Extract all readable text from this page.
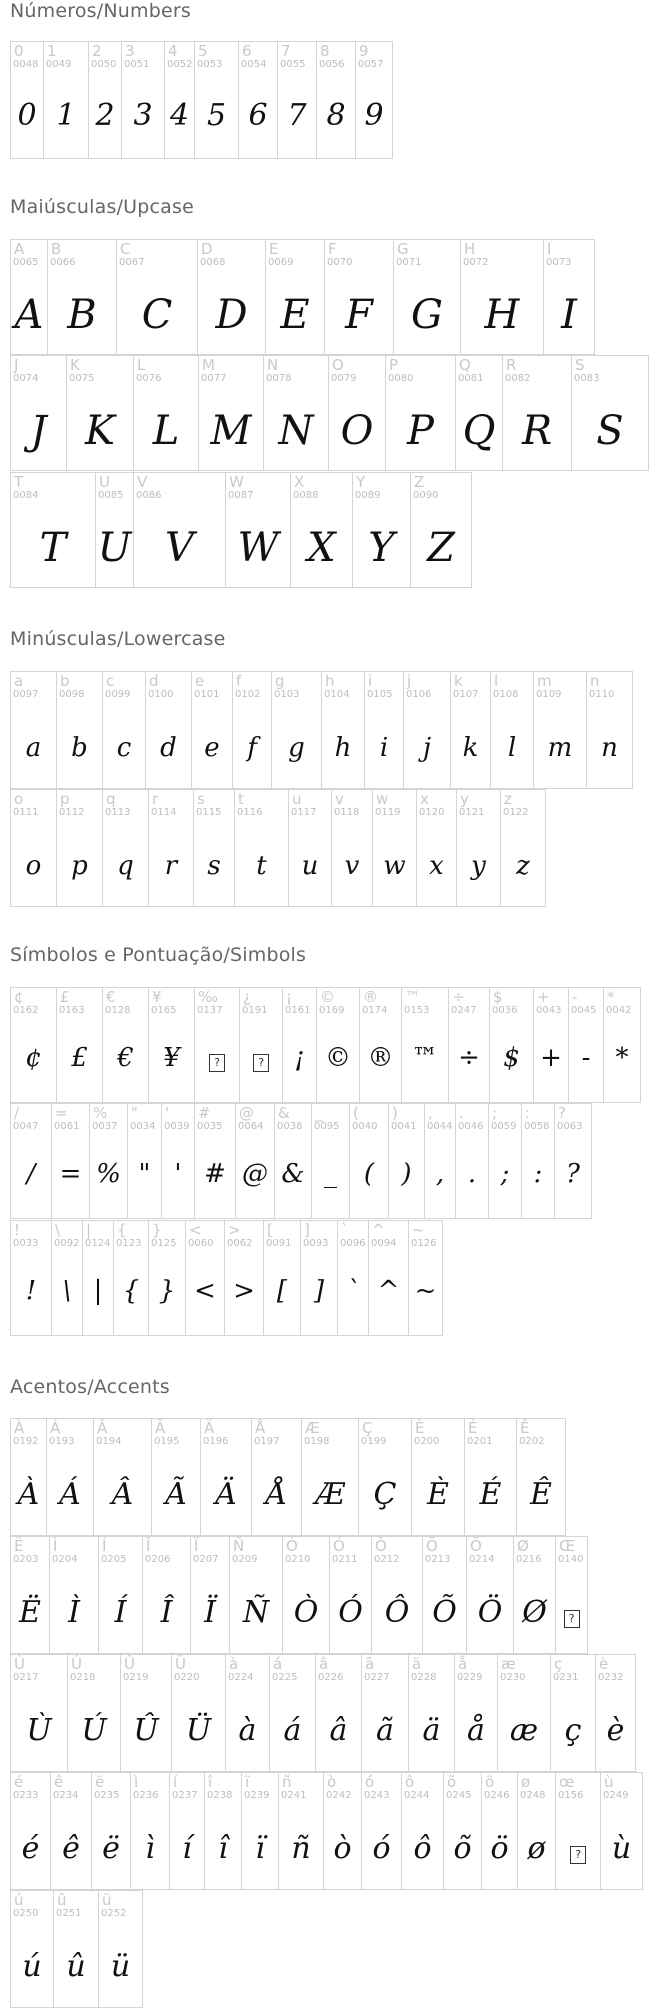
Números/Numbers
0
0048
0
1
0049
1
2
0050
2
3
0051
3
4
0052
4
5
0053
5
6
0054
6
7
0055
7
8
0056
8
9
0057
9
Maiúsculas/Upcase
A
0065
A
B
0066
B
C
0067
C
D
0068
D
E
0069
E
F
0070
F
G
0071
G
H
0072
H
I
0073
I
J
0074
J
K
0075
K
L
0076
L
M
0077
M
N
0078
N
O
0079
O
P
0080
P
Q
0081
Q
R
0082
R
S
0083
S
T
0084
T
U
0085
U
V
0086
V
W
0087
W
X
0088
X
Y
0089
Y
Z
0090
Z
Minúsculas/Lowercase
a
0097
a
b
0098
b
c
0099
c
d
0100
d
e
0101
e
f
0102
f
g
0103
g
h
0104
h
i
0105
i
j
0106
j
k
0107
k
l
0108
l
m
0109
m
n
0110
n
o
0111
o
p
0112
p
q
0113
q
r
0114
r
s
0115
s
t
0116
t
u
0117
u
v
0118
v
w
0119
w
x
0120
x
y
0121
y
z
0122
z
Símbolos e Pontuação/Simbols
¢
0162
¢
£
0163
£
€
0128
€
¥
0165
¥
‰
0137
?
¿
0191
?
¡
0161
¡
©
0169
©
®
0174
®
™
0153
™
÷
0247
÷
$
0036
$
+
0043
+
-
0045
-
*
0042
*
/
0047
/
=
0061
=
%
0037
%
"
0034
"
'
0039
'
#
0035
#
@
0064
@
&
0038
&
_
0095
_
(
0040
(
)
0041
)
,
0044
,
.
0046
.
;
0059
;
:
0058
:
?
0063
?
!
0033
!
\
0092
\
|
0124
|
{
0123
{
}
0125
}
<
0060
<
>
0062
>
[
0091
[
]
0093
]
`
0096
`
^
0094
^
~
0126
~
Acentos/Accents
À
0192
À
Á
0193
Á
Â
0194
Â
Ã
0195
Ã
Ä
0196
Ä
Å
0197
Å
Æ
0198
Æ
Ç
0199
Ç
È
0200
È
É
0201
É
Ê
0202
Ê
Ë
0203
Ë
Ì
0204
Ì
Í
0205
Í
Î
0206
Î
Ï
0207
Ï
Ñ
0209
Ñ
Ò
0210
Ò
Ó
0211
Ó
Ô
0212
Ô
Õ
0213
Õ
Ö
0214
Ö
Ø
0216
Ø
Œ
0140
?
Ù
0217
Ù
Ú
0218
Ú
Û
0219
Û
Ü
0220
Ü
à
0224
à
á
0225
á
â
0226
â
ã
0227
ã
ä
0228
ä
å
0229
å
æ
0230
æ
ç
0231
ç
è
0232
è
é
0233
é
ê
0234
ê
ë
0235
ë
ì
0236
ì
í
0237
í
î
0238
î
ï
0239
ï
ñ
0241
ñ
ò
0242
ò
ó
0243
ó
ô
0244
ô
õ
0245
õ
ö
0246
ö
ø
0248
ø
œ
0156
?
ù
0249
ù
ú
0250
ú
û
0251
û
ü
0252
ü
